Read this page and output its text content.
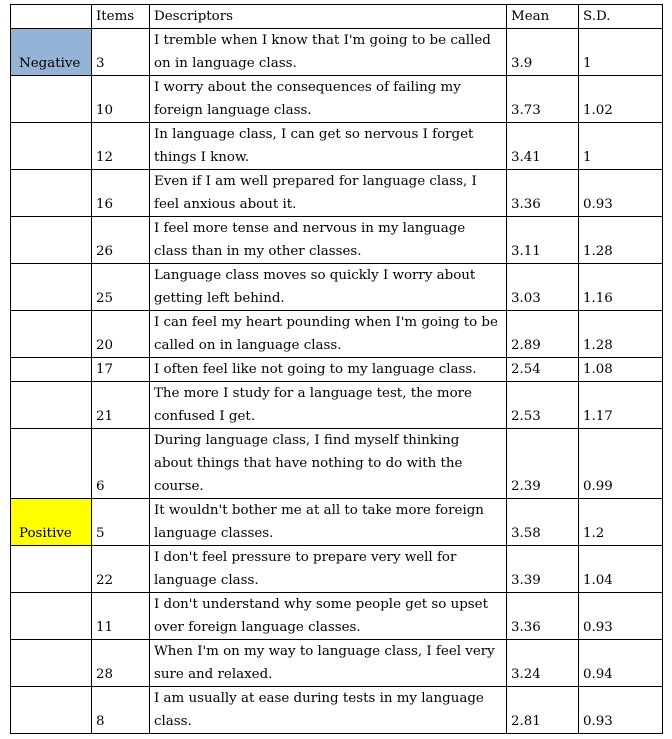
	Items	Descriptors	Mean	S.D.
Negative	3	I tremble when I know that I'm going to be called on in language class.	3.9	1
	10	I worry about the consequences of failing my foreign language class.	3.73	1.02
	12	In language class, I can get so nervous I forget things I know.	3.41	1
	16	Even if I am well prepared for language class, I feel anxious about it.	3.36	0.93
	26	I feel more tense and nervous in my language class than in my other classes.	3.11	1.28
	25	Language class moves so quickly I worry about getting left behind.	3.03	1.16
	20	I can feel my heart pounding when I'm going to be called on in language class.	2.89	1.28
	17	I often feel like not going to my language class.	2.54	1.08
	21	The more I study for a language test, the more confused I get.	2.53	1.17
	6	During language class, I find myself thinking about things that have nothing to do with the course.	2.39	0.99
Positive	5	It wouldn't bother me at all to take more foreign language classes.	3.58	1.2
	22	I don't feel pressure to prepare very well for language class.	3.39	1.04
	11	I don't understand why some people get so upset over foreign language classes.	3.36	0.93
	28	When I'm on my way to language class, I feel very sure and relaxed.	3.24	0.94
	8	I am usually at ease during tests in my language class.	2.81	0.93
